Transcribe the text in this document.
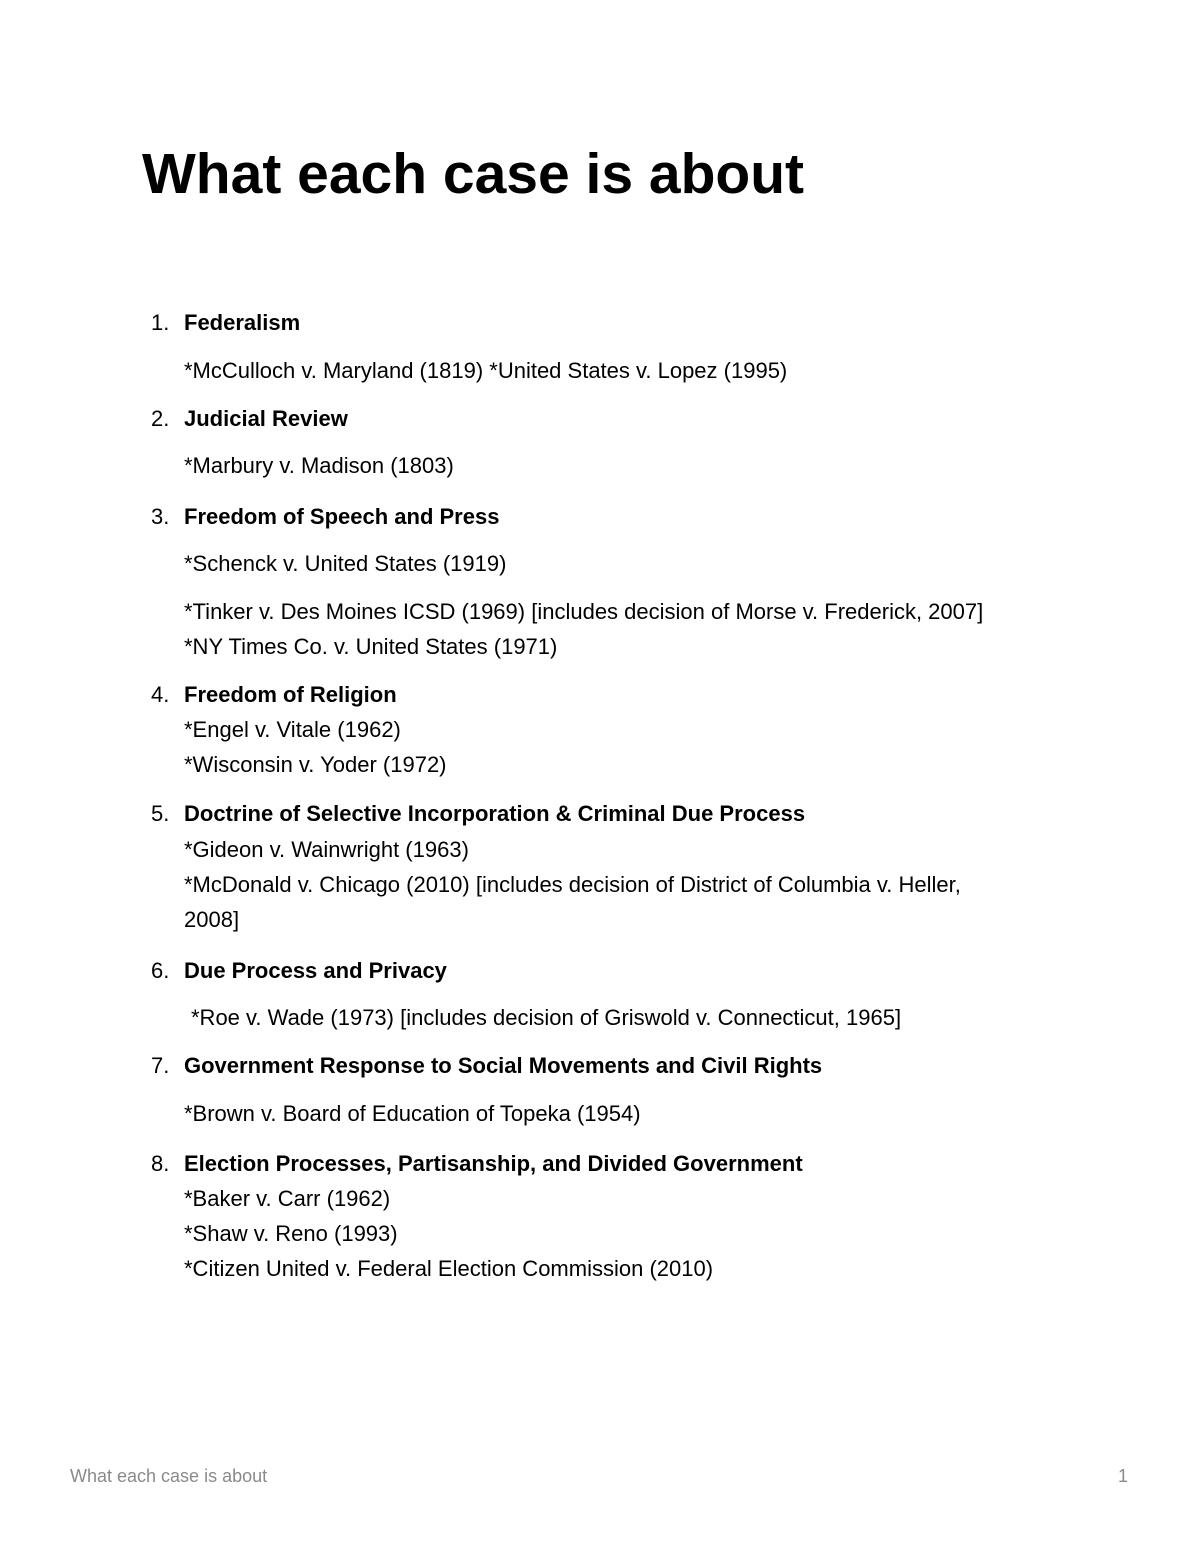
What each case is about
1. Federalism
*McCulloch v. Maryland (1819) *United States v. Lopez (1995)
2. Judicial Review
*Marbury v. Madison (1803)
3. Freedom of Speech and Press
*Schenck v. United States (1919)
*Tinker v. Des Moines ICSD (1969) [includes decision of Morse v. Frederick, 2007]
*NY Times Co. v. United States (1971)
4. Freedom of Religion
*Engel v. Vitale (1962)
*Wisconsin v. Yoder (1972)
5. Doctrine of Selective Incorporation & Criminal Due Process
*Gideon v. Wainwright (1963)
*McDonald v. Chicago (2010) [includes decision of District of Columbia v. Heller,
2008]
6. Due Process and Privacy
*Roe v. Wade (1973) [includes decision of Griswold v. Connecticut, 1965]
7. Government Response to Social Movements and Civil Rights
*Brown v. Board of Education of Topeka (1954)
8. Election Processes, Partisanship, and Divided Government
*Baker v. Carr (1962)
*Shaw v. Reno (1993)
*Citizen United v. Federal Election Commission (2010)
What each case is about	1
